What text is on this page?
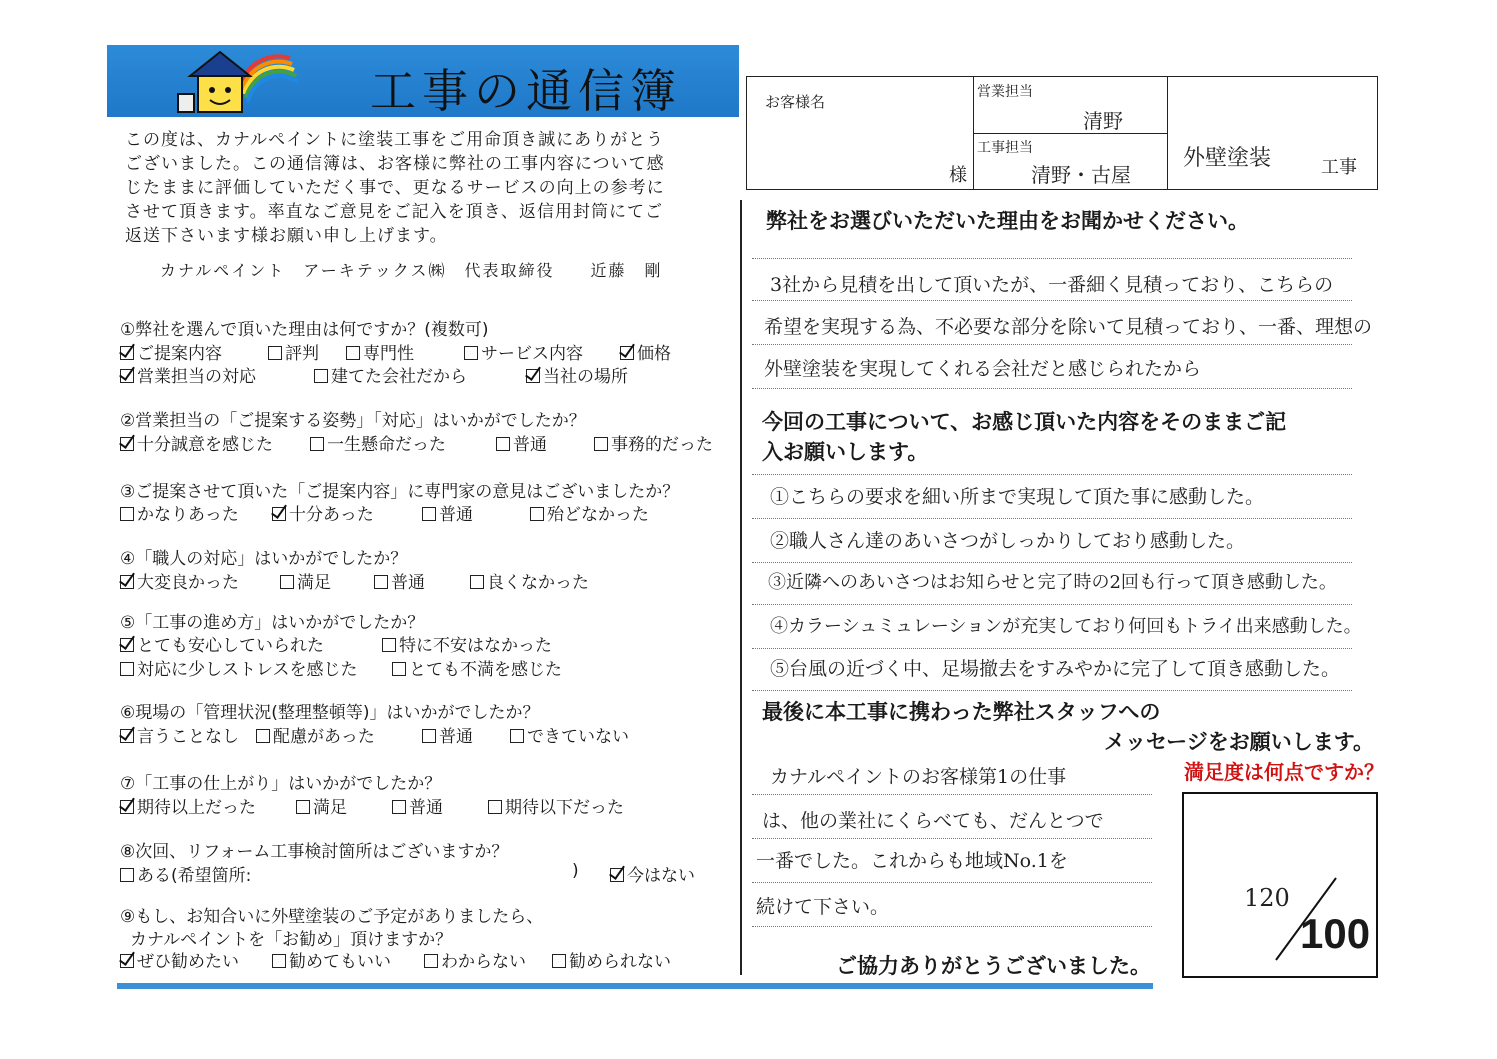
工事の通信簿
この度は、カナルペイントに塗装工事をご用命頂き誠にありがとう
ございました。この通信簿は、お客様に弊社の工事内容について感
じたままに評価していただく事で、更なるサービスの向上の参考に
させて頂きます。率直なご意見をご記入を頂き、返信用封筒にてご
返送下さいます様お願い申し上げます。
カナルペイント　アーキテックス㈱　代表取締役　　近藤　剛
①弊社を選んで頂いた理由は何ですか？(複数可)
ご提案内容	評判	専門性	サービス内容	価格
営業担当の対応	建てた会社だから	当社の場所
②営業担当の「ご提案する姿勢」「対応」はいかがでしたか？
十分誠意を感じた	一生懸命だった	普通	事務的だった
③ご提案させて頂いた「ご提案内容」に専門家の意見はございましたか？
かなりあった	十分あった	普通	殆どなかった
④「職人の対応」はいかがでしたか？
大変良かった	満足	普通	良くなかった
⑤「工事の進め方」はいかがでしたか？
とても安心していられた	特に不安はなかった
対応に少しストレスを感じた	とても不満を感じた
⑥現場の「管理状況(整理整頓等)」はいかがでしたか？
言うことなし	配慮があった	普通	できていない
⑦「工事の仕上がり」はいかがでしたか？
期待以上だった	満足	普通	期待以下だった
⑧次回、リフォーム工事検討箇所はございますか？
ある(希望箇所:	)	今はない
⑨もし、お知合いに外壁塗装のご予定がありましたら、
カナルペイントを「お勧め」頂けますか？
ぜひ勧めたい	勧めてもいい	わからない	勧められない
お客様名
様
営業担当
清野
工事担当
清野・古屋
外壁塗装	工事
弊社をお選びいただいた理由をお聞かせください。
3社から見積を出して頂いたが、一番細く見積っており、こちらの
希望を実現する為、不必要な部分を除いて見積っており、一番、理想の
外壁塗装を実現してくれる会社だと感じられたから
今回の工事について、お感じ頂いた内容をそのままご記
入お願いします。
①こちらの要求を細い所まで実現して頂た事に感動した。
②職人さん達のあいさつがしっかりしており感動した。
③近隣へのあいさつはお知らせと完了時の2回も行って頂き感動した。
④カラーシュミュレーションが充実しており何回もトライ出来感動した。
⑤台風の近づく中、足場撤去をすみやかに完了して頂き感動した。
最後に本工事に携わった弊社スタッフへの
メッセージをお願いします。
カナルペイントのお客様第1の仕事
は、他の業社にくらべても、だんとつで
一番でした。これからも地域No.1を
続けて下さい。
満足度は何点ですか？
120
100
ご協力ありがとうございました。
